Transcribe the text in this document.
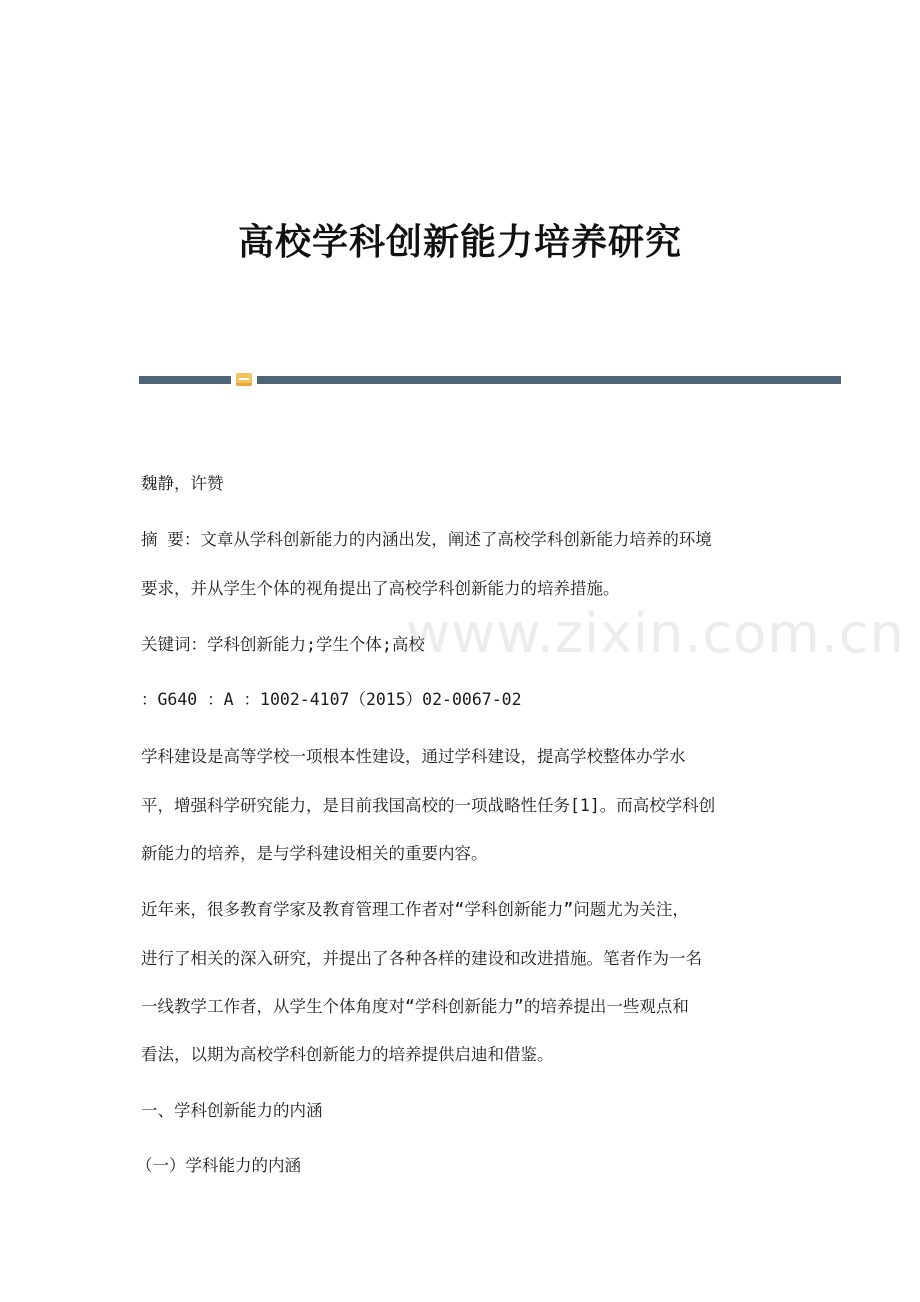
高校学科创新能力培养研究
魏静，许赞
摘 要：文章从学科创新能力的内涵出发，阐述了高校学科创新能力培养的环境
要求，并从学生个体的视角提出了高校学科创新能力的培养措施。
关键词：学科创新能力;学生个体;高校
：G640 ：A ：1002-4107（2015）02-0067-02
学科建设是高等学校一项根本性建设，通过学科建设，提高学校整体办学水
平，增强科学研究能力，是目前我国高校的一项战略性任务[1]。而高校学科创
新能力的培养，是与学科建设相关的重要内容。
近年来，很多教育学家及教育管理工作者对“学科创新能力”问题尤为关注，
进行了相关的深入研究，并提出了各种各样的建设和改进措施。笔者作为一名
一线教学工作者，从学生个体角度对“学科创新能力”的培养提出一些观点和
看法，以期为高校学科创新能力的培养提供启迪和借鉴。
一、学科创新能力的内涵
（一）学科能力的内涵
www.zixin.com.cn
